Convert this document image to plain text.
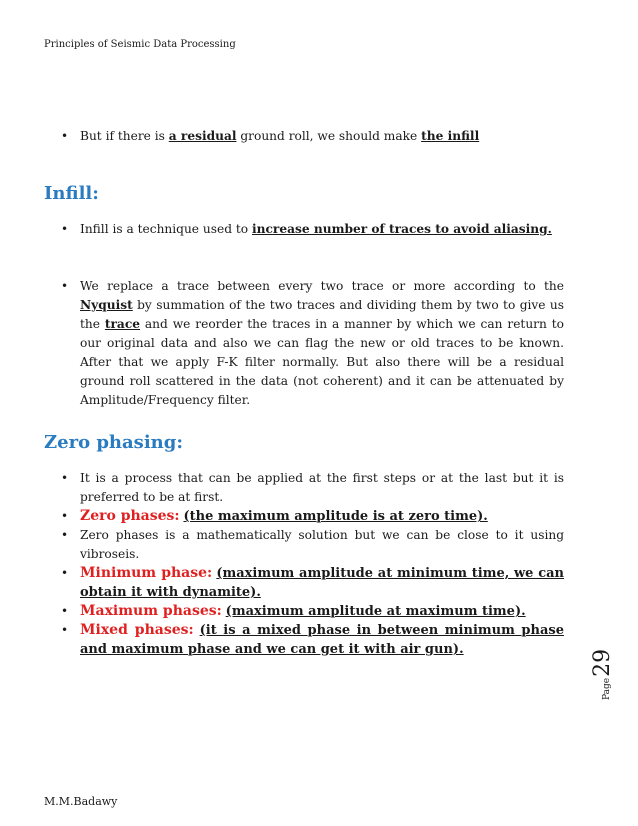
Principles of Seismic Data Processing
• But if there is a residual ground roll, we should make the infill
Infill:
• Infill is a technique used to increase number of traces to avoid aliasing.
• We replace a trace between every two trace or more according to the Nyquist by summation of the two traces and dividing them by two to give us the trace and we reorder the traces in a manner by which we can return to our original data and also we can flag the new or old traces to be known. After that we apply F-K filter normally. But also there will be a residual ground roll scattered in the data (not coherent) and it can be attenuated by Amplitude/Frequency filter.
Zero phasing:
• It is a process that can be applied at the first steps or at the last but it is preferred to be at first.
• Zero phases: (the maximum amplitude is at zero time).
• Zero phases is a mathematically solution but we can be close to it using vibroseis.
• Minimum phase: (maximum amplitude at minimum time, we can obtain it with dynamite).
• Maximum phases: (maximum amplitude at maximum time).
• Mixed phases: (it is a mixed phase in between minimum phase and maximum phase and we can get it with air gun).
Page
29
M.M.Badawy
